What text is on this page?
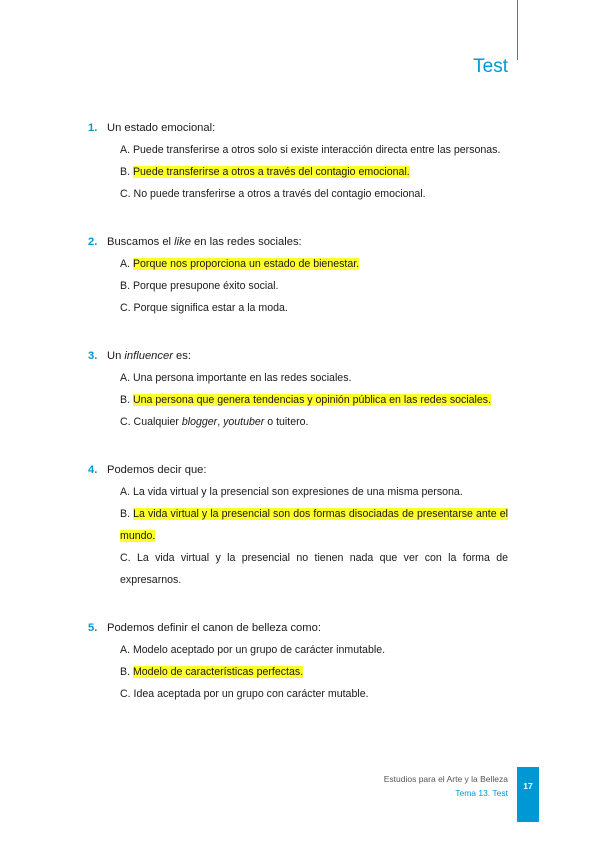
Test
1. Un estado emocional:
A. Puede transferirse a otros solo si existe interacción directa entre las personas.
B. Puede transferirse a otros a través del contagio emocional.
C. No puede transferirse a otros a través del contagio emocional.
2. Buscamos el like en las redes sociales:
A. Porque nos proporciona un estado de bienestar.
B. Porque presupone éxito social.
C. Porque significa estar a la moda.
3. Un influencer es:
A. Una persona importante en las redes sociales.
B. Una persona que genera tendencias y opinión pública en las redes sociales.
C. Cualquier blogger, youtuber o tuitero.
4. Podemos decir que:
A. La vida virtual y la presencial son expresiones de una misma persona.
B. La vida virtual y la presencial son dos formas disociadas de presentarse ante el mundo.
C. La vida virtual y la presencial no tienen nada que ver con la forma de expresarnos.
5. Podemos definir el canon de belleza como:
A. Modelo aceptado por un grupo de carácter inmutable.
B. Modelo de características perfectas.
C. Idea aceptada por un grupo con carácter mutable.
Estudios para el Arte y la Belleza
Tema 13. Test
17
